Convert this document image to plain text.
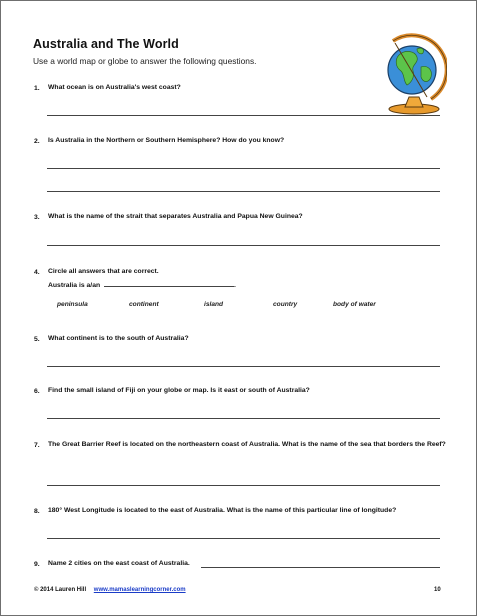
Australia and The World
Use a world map or globe to answer the following questions.
1. What ocean is on Australia's west coast?
2. Is Australia in the Northern or Southern Hemisphere? How do you know?
3. What is the name of the strait that separates Australia and Papua New Guinea?
4. Circle all answers that are correct.
Australia is a/an	.
peninsula	continent	island	country	body of water
5. What continent is to the south of Australia?
6. Find the small island of Fiji on your globe or map. Is it east or south of Australia?
7. The Great Barrier Reef is located on the northeastern coast of Australia. What is the name of the sea that borders the Reef?
8. 180° West Longitude is located to the east of Australia. What is the name of this particular line of longitude?
9. Name 2 cities on the east coast of Australia.
© 2014 Lauren Hill www.mamaslearningcorner.com	10
